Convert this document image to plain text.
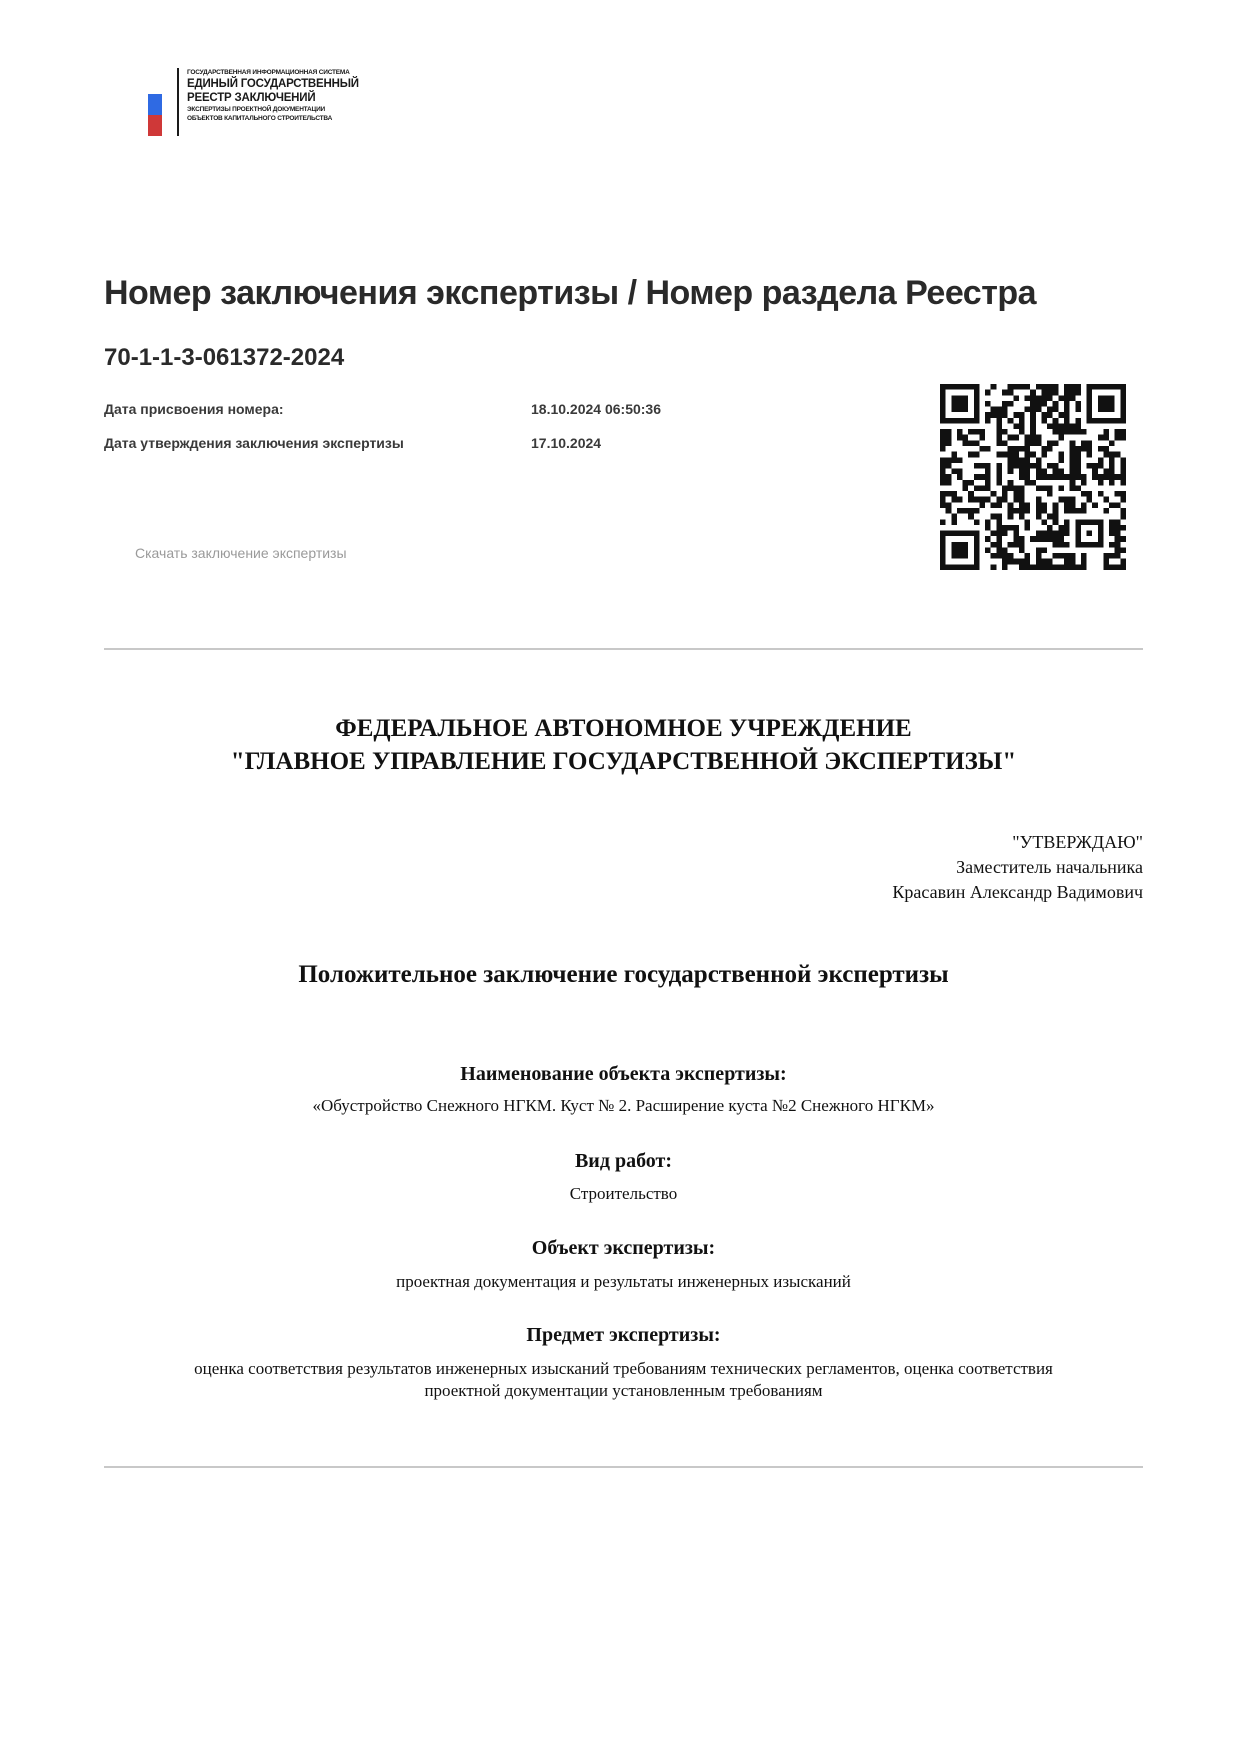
ГОСУДАРСТВЕННАЯ ИНФОРМАЦИОННАЯ СИСТЕМА
ЕДИНЫЙ ГОСУДАРСТВЕННЫЙ
РЕЕСТР ЗАКЛЮЧЕНИЙ
ЭКСПЕРТИЗЫ ПРОЕКТНОЙ ДОКУМЕНТАЦИИ
ОБЪЕКТОВ КАПИТАЛЬНОГО СТРОИТЕЛЬСТВА
Номер заключения экспертизы / Номер раздела Реестра
70-1-1-3-061372-2024
Дата присвоения номера:	18.10.2024 06:50:36
Дата утверждения заключения экспертизы	17.10.2024
Скачать заключение экспертизы
ФЕДЕРАЛЬНОЕ АВТОНОМНОЕ УЧРЕЖДЕНИЕ
"ГЛАВНОЕ УПРАВЛЕНИЕ ГОСУДАРСТВЕННОЙ ЭКСПЕРТИЗЫ"
"УТВЕРЖДАЮ"
Заместитель начальника
Красавин Александр Вадимович
Положительное заключение государственной экспертизы
Наименование объекта экспертизы:
«Обустройство Снежного НГКМ. Куст № 2. Расширение куста №2 Снежного НГКМ»
Вид работ:
Строительство
Объект экспертизы:
проектная документация и результаты инженерных изысканий
Предмет экспертизы:
оценка соответствия результатов инженерных изысканий требованиям технических регламентов, оценка соответствия
проектной документации установленным требованиям
